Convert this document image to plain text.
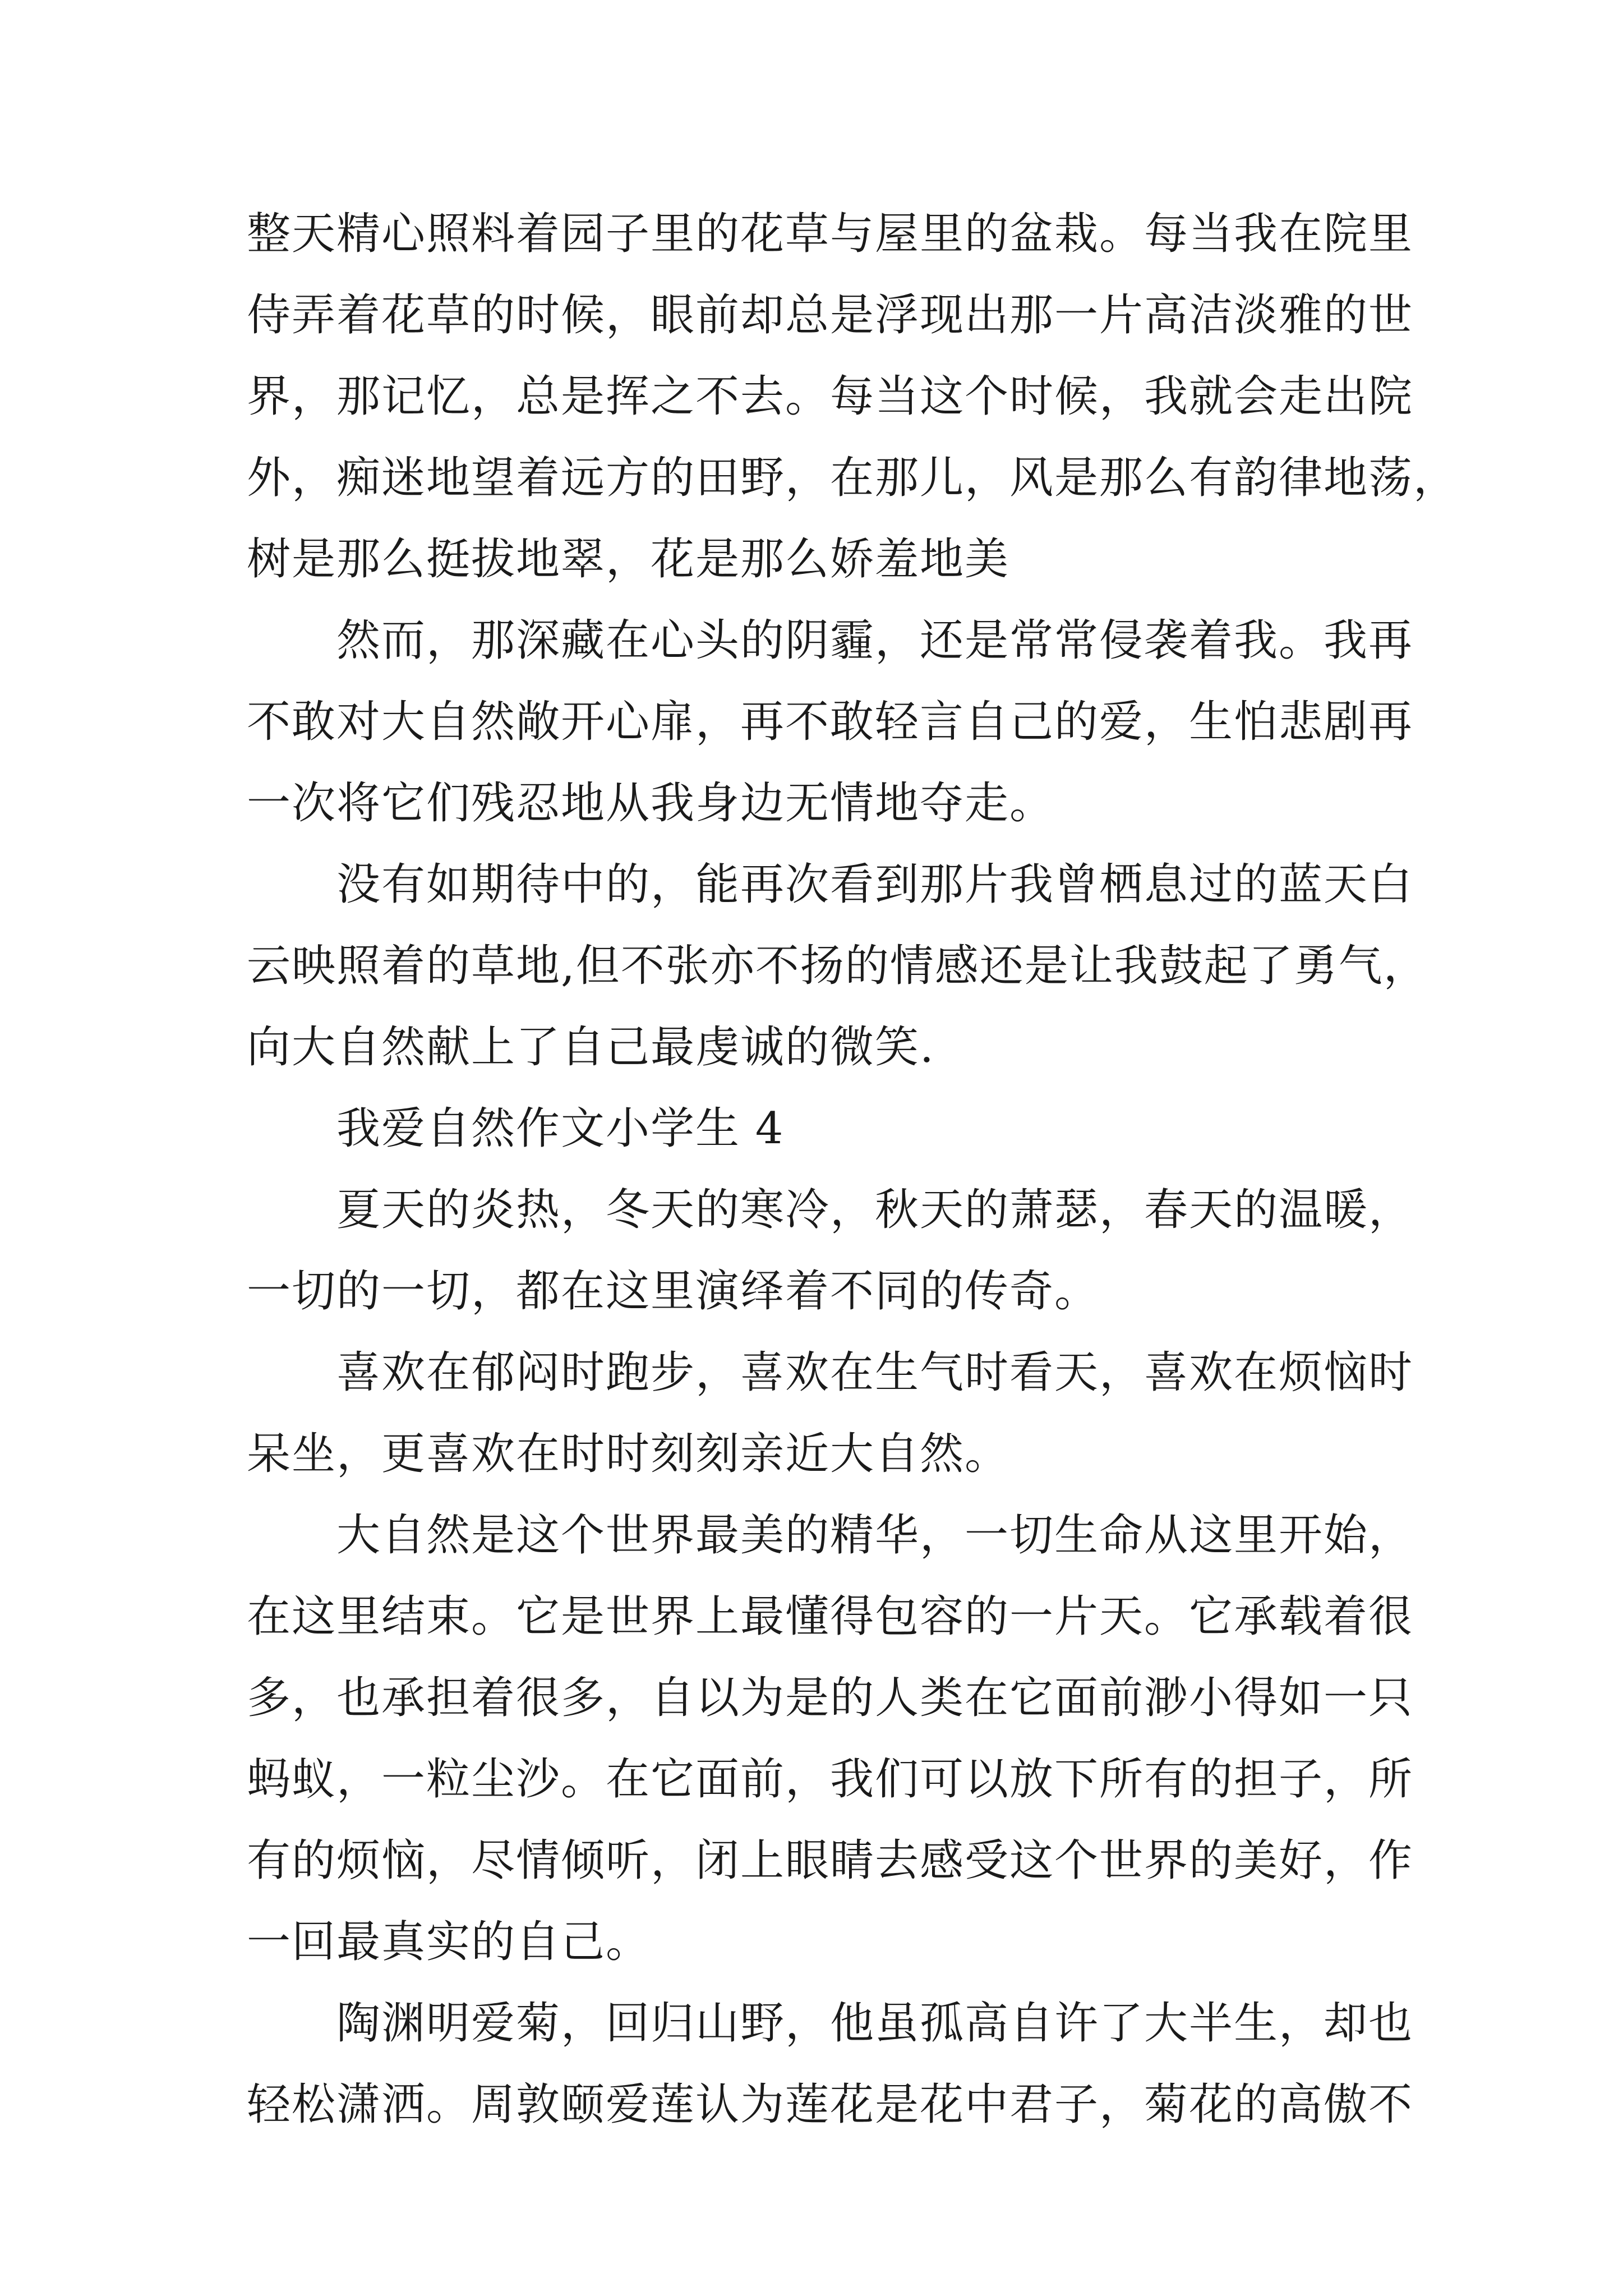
整天精心照料着园子里的花草与屋里的盆栽。每当我在院里
侍弄着花草的时候，眼前却总是浮现出那一片高洁淡雅的世
界，那记忆，总是挥之不去。每当这个时候，我就会走出院
外，痴迷地望着远方的田野，在那儿，风是那么有韵律地荡，
树是那么挺拔地翠，花是那么娇羞地美
然而，那深藏在心头的阴霾，还是常常侵袭着我。我再
不敢对大自然敞开心扉，再不敢轻言自己的爱，生怕悲剧再
一次将它们残忍地从我身边无情地夺走。
没有如期待中的，能再次看到那片我曾栖息过的蓝天白
云映照着的草地,但不张亦不扬的情感还是让我鼓起了勇气，
向大自然献上了自己最虔诚的微笑.
我爱自然作文小学生 4
夏天的炎热，冬天的寒冷，秋天的萧瑟，春天的温暖，
一切的一切，都在这里演绎着不同的传奇。
喜欢在郁闷时跑步，喜欢在生气时看天，喜欢在烦恼时
呆坐，更喜欢在时时刻刻亲近大自然。
大自然是这个世界最美的精华，一切生命从这里开始，
在这里结束。它是世界上最懂得包容的一片天。它承载着很
多，也承担着很多，自以为是的人类在它面前渺小得如一只
蚂蚁，一粒尘沙。在它面前，我们可以放下所有的担子，所
有的烦恼，尽情倾听，闭上眼睛去感受这个世界的美好，作
一回最真实的自己。
陶渊明爱菊，回归山野，他虽孤高自许了大半生，却也
轻松潇洒。周敦颐爱莲认为莲花是花中君子，菊花的高傲不
